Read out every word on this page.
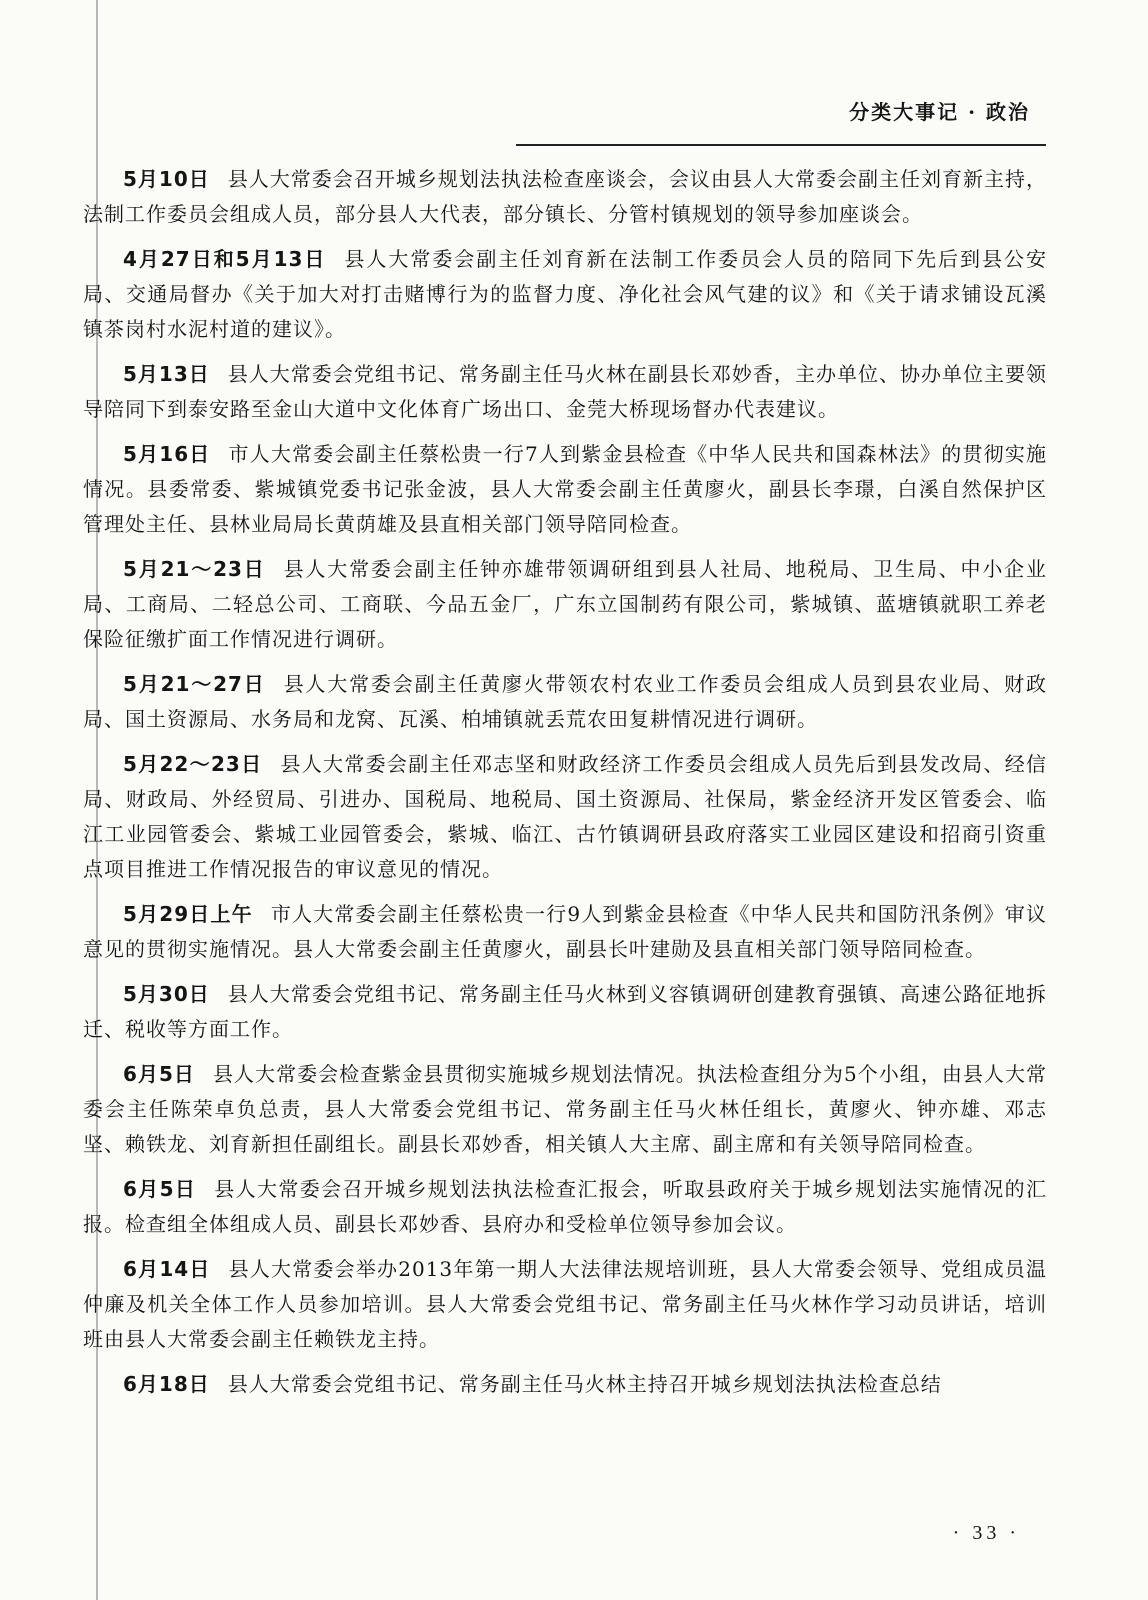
分类大事记 · 政治

5月10日 县人大常委会召开城乡规划法执法检查座谈会，会议由县人大常委会副主任刘育新主持，法制工作委员会组成人员，部分县人大代表，部分镇长、分管村镇规划的领导参加座谈会。

4月27日和5月13日 县人大常委会副主任刘育新在法制工作委员会人员的陪同下先后到县公安局、交通局督办《关于加大对打击赌博行为的监督力度、净化社会风气建的议》和《关于请求铺设瓦溪镇茶岗村水泥村道的建议》。

5月13日 县人大常委会党组书记、常务副主任马火林在副县长邓妙香，主办单位、协办单位主要领导陪同下到泰安路至金山大道中文化体育广场出口、金莞大桥现场督办代表建议。

5月16日 市人大常委会副主任蔡松贵一行7人到紫金县检查《中华人民共和国森林法》的贯彻实施情况。县委常委、紫城镇党委书记张金波，县人大常委会副主任黄廖火，副县长李璟，白溪自然保护区管理处主任、县林业局局长黄荫雄及县直相关部门领导陪同检查。

5月21～23日 县人大常委会副主任钟亦雄带领调研组到县人社局、地税局、卫生局、中小企业局、工商局、二轻总公司、工商联、今品五金厂，广东立国制药有限公司，紫城镇、蓝塘镇就职工养老保险征缴扩面工作情况进行调研。

5月21～27日 县人大常委会副主任黄廖火带领农村农业工作委员会组成人员到县农业局、财政局、国土资源局、水务局和龙窝、瓦溪、柏埔镇就丢荒农田复耕情况进行调研。

5月22～23日 县人大常委会副主任邓志坚和财政经济工作委员会组成人员先后到县发改局、经信局、财政局、外经贸局、引进办、国税局、地税局、国土资源局、社保局，紫金经济开发区管委会、临江工业园管委会、紫城工业园管委会，紫城、临江、古竹镇调研县政府落实工业园区建设和招商引资重点项目推进工作情况报告的审议意见的情况。

5月29日上午 市人大常委会副主任蔡松贵一行9人到紫金县检查《中华人民共和国防汛条例》审议意见的贯彻实施情况。县人大常委会副主任黄廖火，副县长叶建勋及县直相关部门领导陪同检查。

5月30日 县人大常委会党组书记、常务副主任马火林到义容镇调研创建教育强镇、高速公路征地拆迁、税收等方面工作。

6月5日 县人大常委会检查紫金县贯彻实施城乡规划法情况。执法检查组分为5个小组，由县人大常委会主任陈荣卓负总责，县人大常委会党组书记、常务副主任马火林任组长，黄廖火、钟亦雄、邓志坚、赖铁龙、刘育新担任副组长。副县长邓妙香，相关镇人大主席、副主席和有关领导陪同检查。

6月5日 县人大常委会召开城乡规划法执法检查汇报会，听取县政府关于城乡规划法实施情况的汇报。检查组全体组成人员、副县长邓妙香、县府办和受检单位领导参加会议。

6月14日 县人大常委会举办2013年第一期人大法律法规培训班，县人大常委会领导、党组成员温仲廉及机关全体工作人员参加培训。县人大常委会党组书记、常务副主任马火林作学习动员讲话，培训班由县人大常委会副主任赖铁龙主持。

6月18日 县人大常委会党组书记、常务副主任马火林主持召开城乡规划法执法检查总结

· 33 ·
